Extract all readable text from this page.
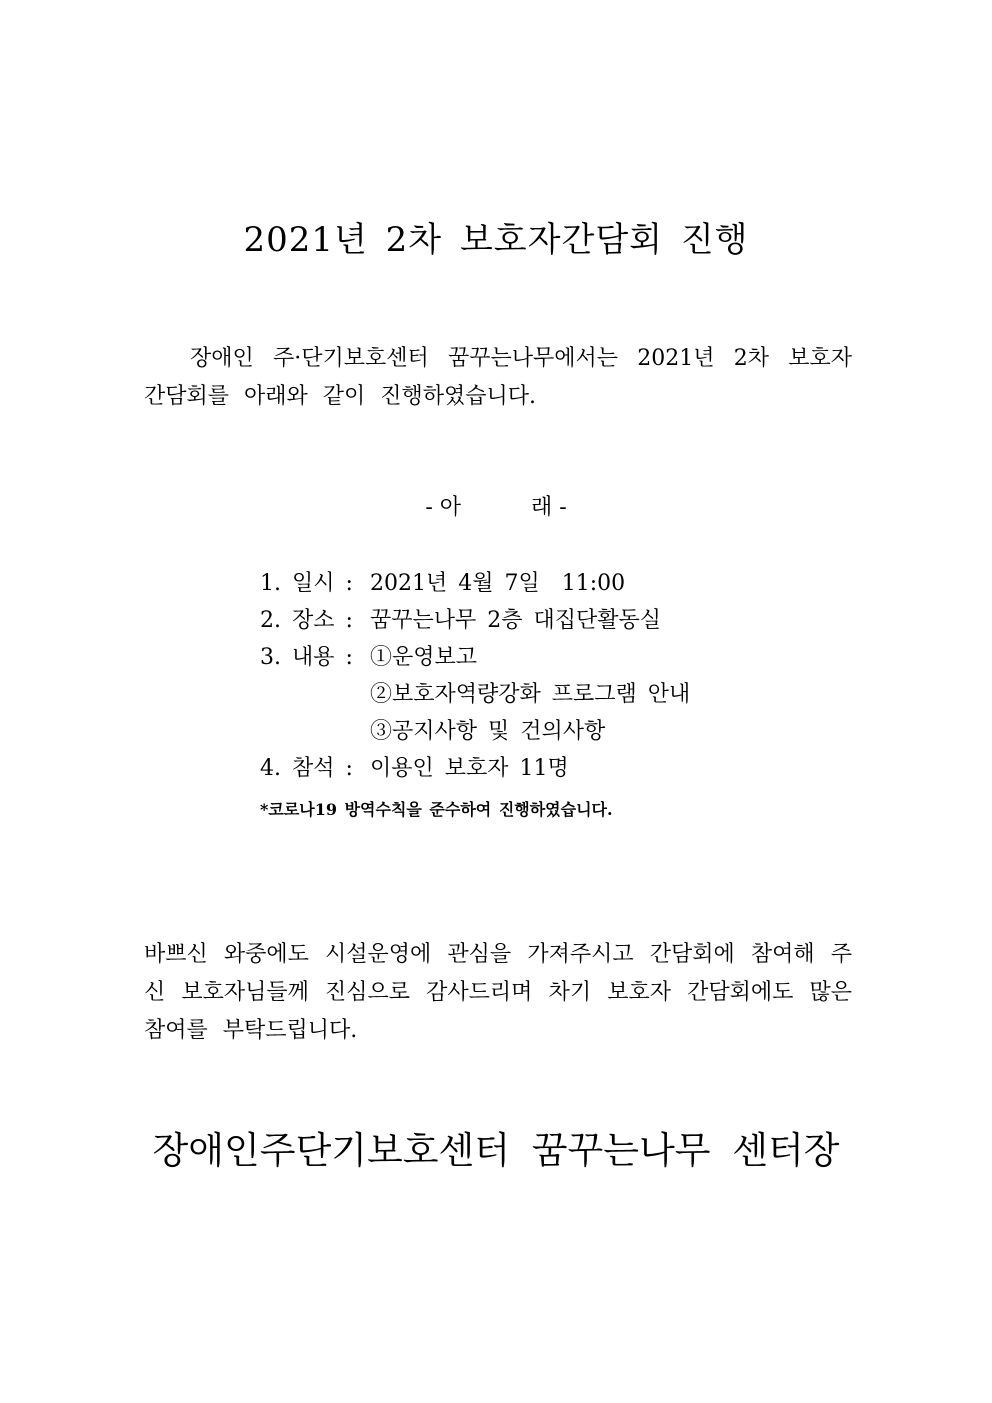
2021년 2차 보호자간담회 진행
장애인 주·단기보호센터 꿈꾸는나무에서는 2021년 2차 보호자 간담회를 아래와 같이 진행하였습니다.
- 아	래 -
1. 일시 : 2021년 4월 7일  11:00
2. 장소 : 꿈꾸는나무 2층 대집단활동실
3. 내용 : ①운영보고
②보호자역량강화 프로그램 안내
③공지사항 및 건의사항
4. 참석 : 이용인 보호자 11명
*코로나19 방역수칙을 준수하여 진행하였습니다.
바쁘신 와중에도 시설운영에 관심을 가져주시고 간담회에 참여해 주신 보호자님들께 진심으로 감사드리며 차기 보호자 간담회에도 많은 참여를 부탁드립니다.
장애인주단기보호센터 꿈꾸는나무 센터장
